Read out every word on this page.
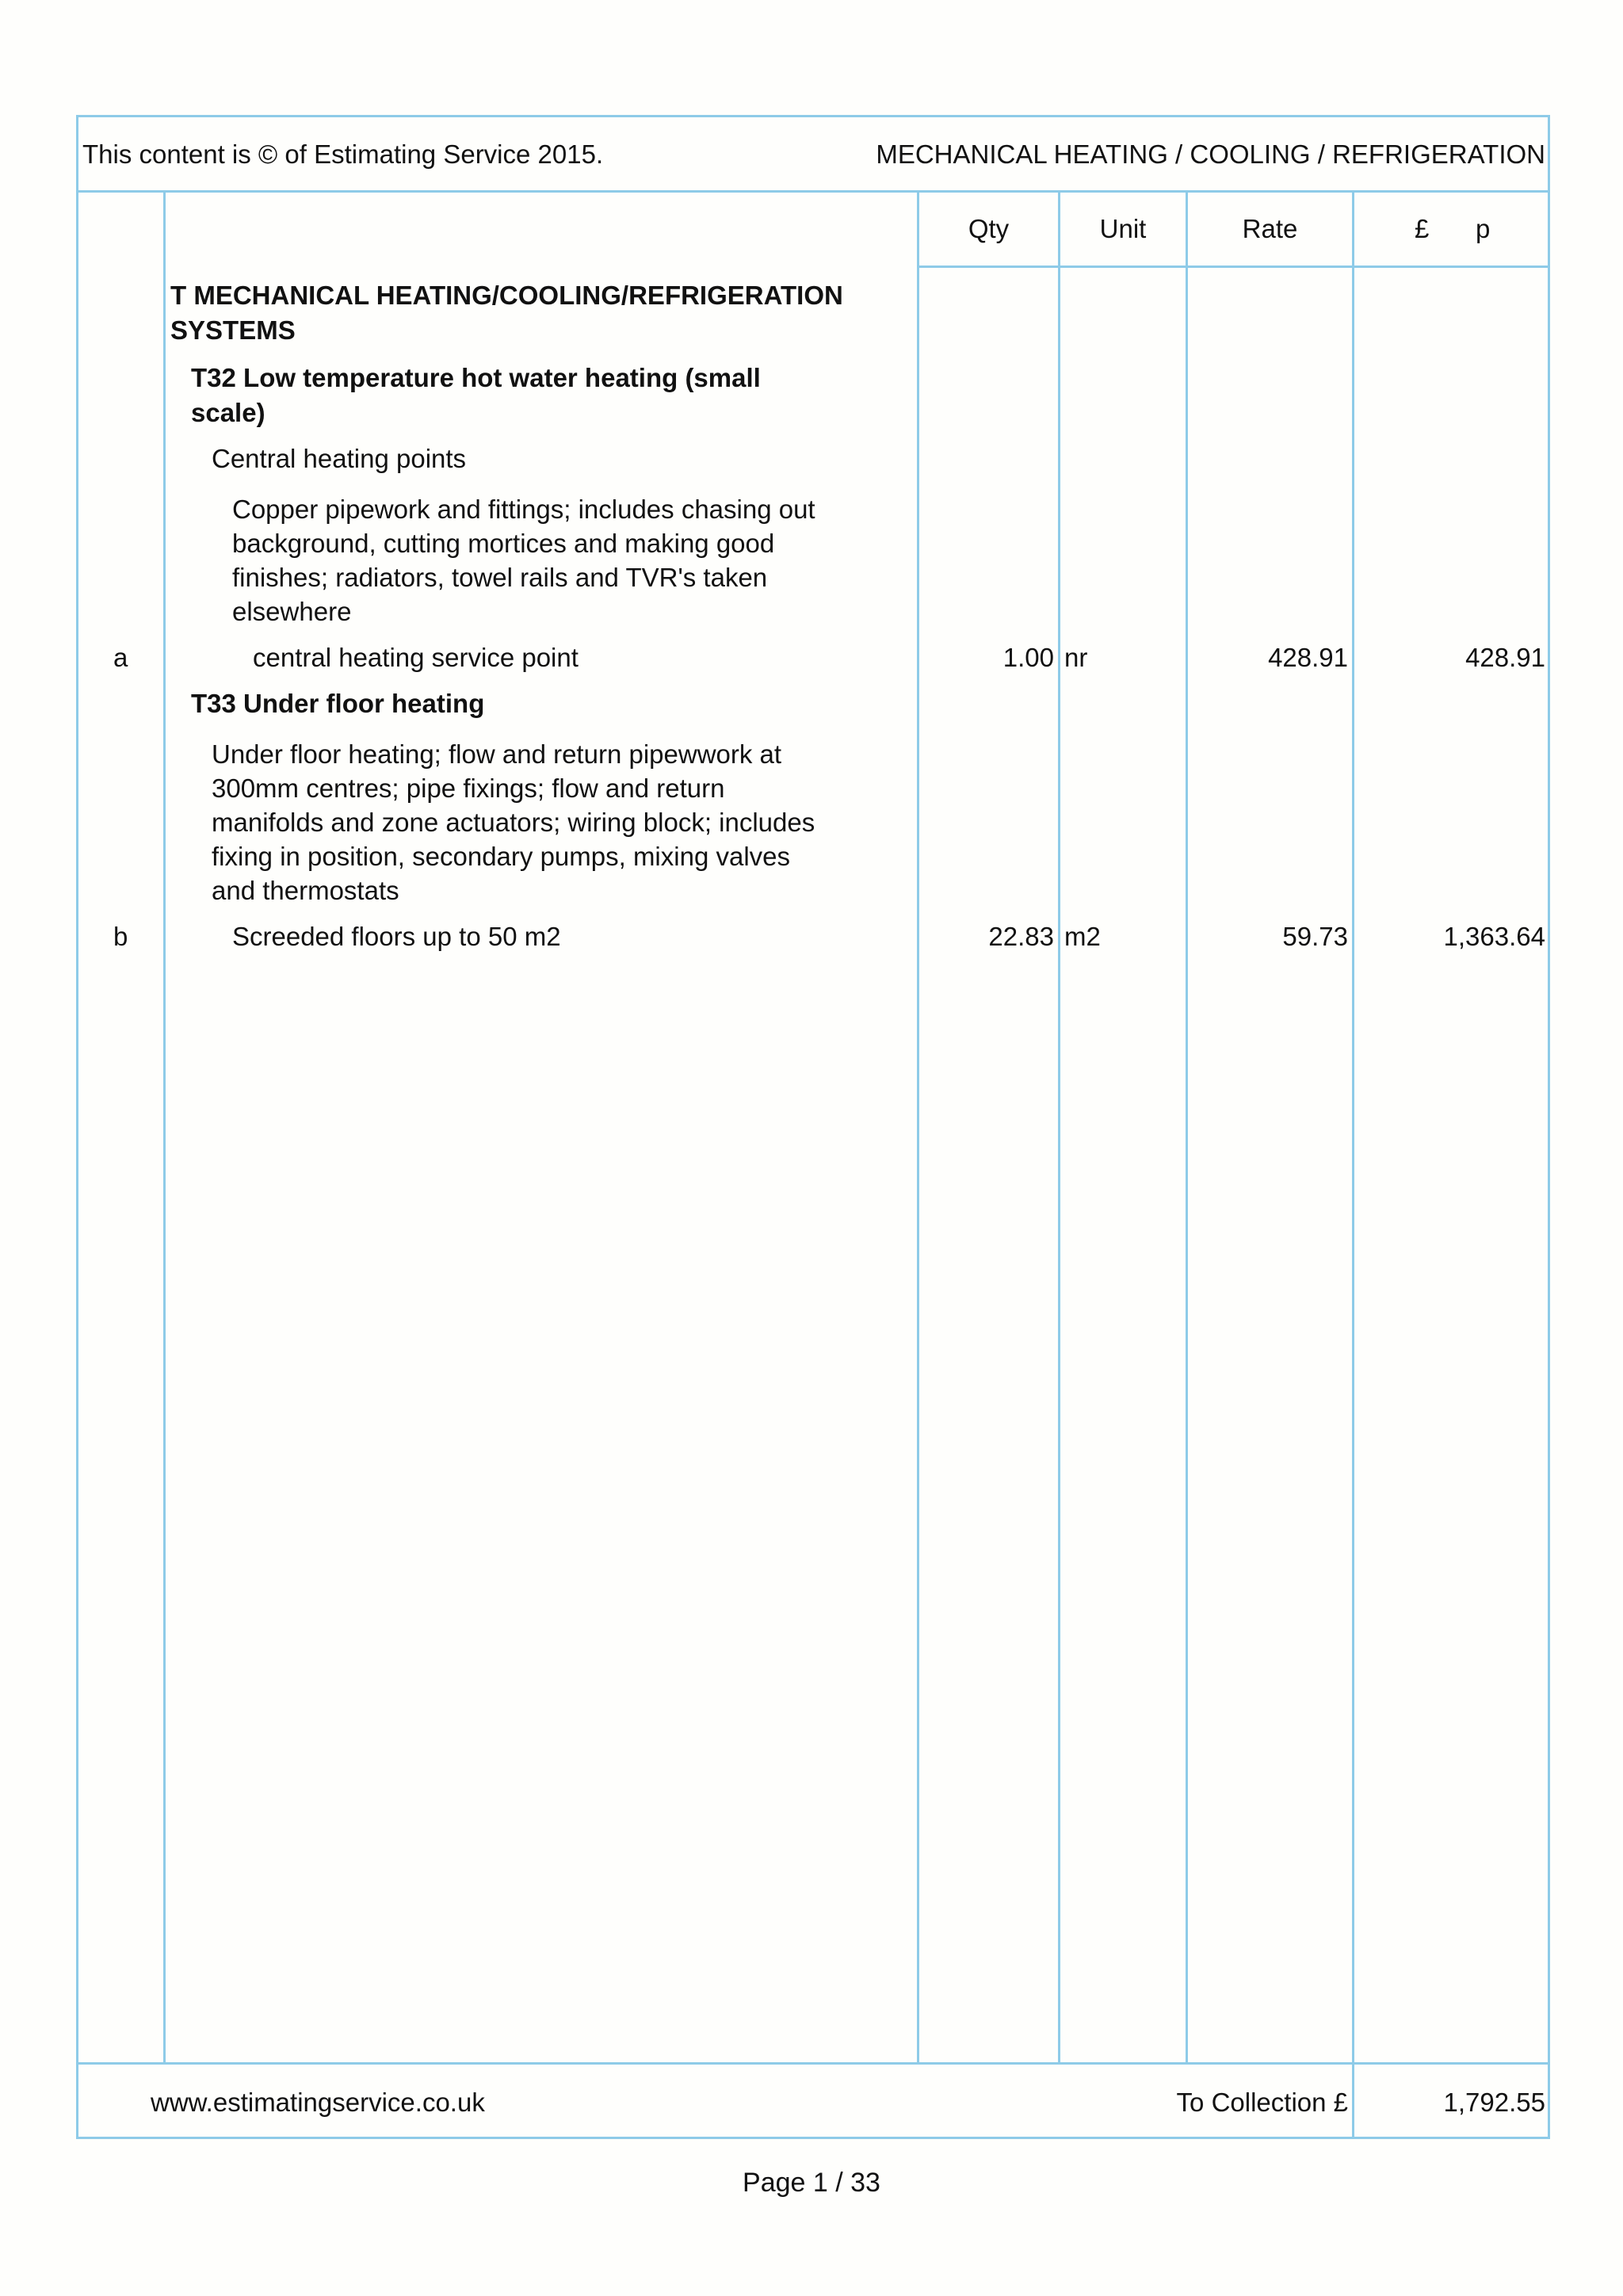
This content is © of Estimating Service 2015.	MECHANICAL HEATING / COOLING / REFRIGERATION
Qty	Unit	Rate	£ p
T MECHANICAL HEATING/COOLING/REFRIGERATION
SYSTEMS
T32 Low temperature hot water heating (small
scale)
Central heating points
Copper pipework and fittings; includes chasing out
background, cutting mortices and making good
finishes; radiators, towel rails and TVR's taken
elsewhere
a	central heating service point	1.00 nr	428.91	428.91
T33 Under floor heating
Under floor heating; flow and return pipewwork at
300mm centres; pipe fixings; flow and return
manifolds and zone actuators; wiring block; includes
fixing in position, secondary pumps, mixing valves
and thermostats
b	Screeded floors up to 50 m2	22.83 m2	59.73	1,363.64
www.estimatingservice.co.uk	To Collection £	1,792.55
Page 1 / 33
